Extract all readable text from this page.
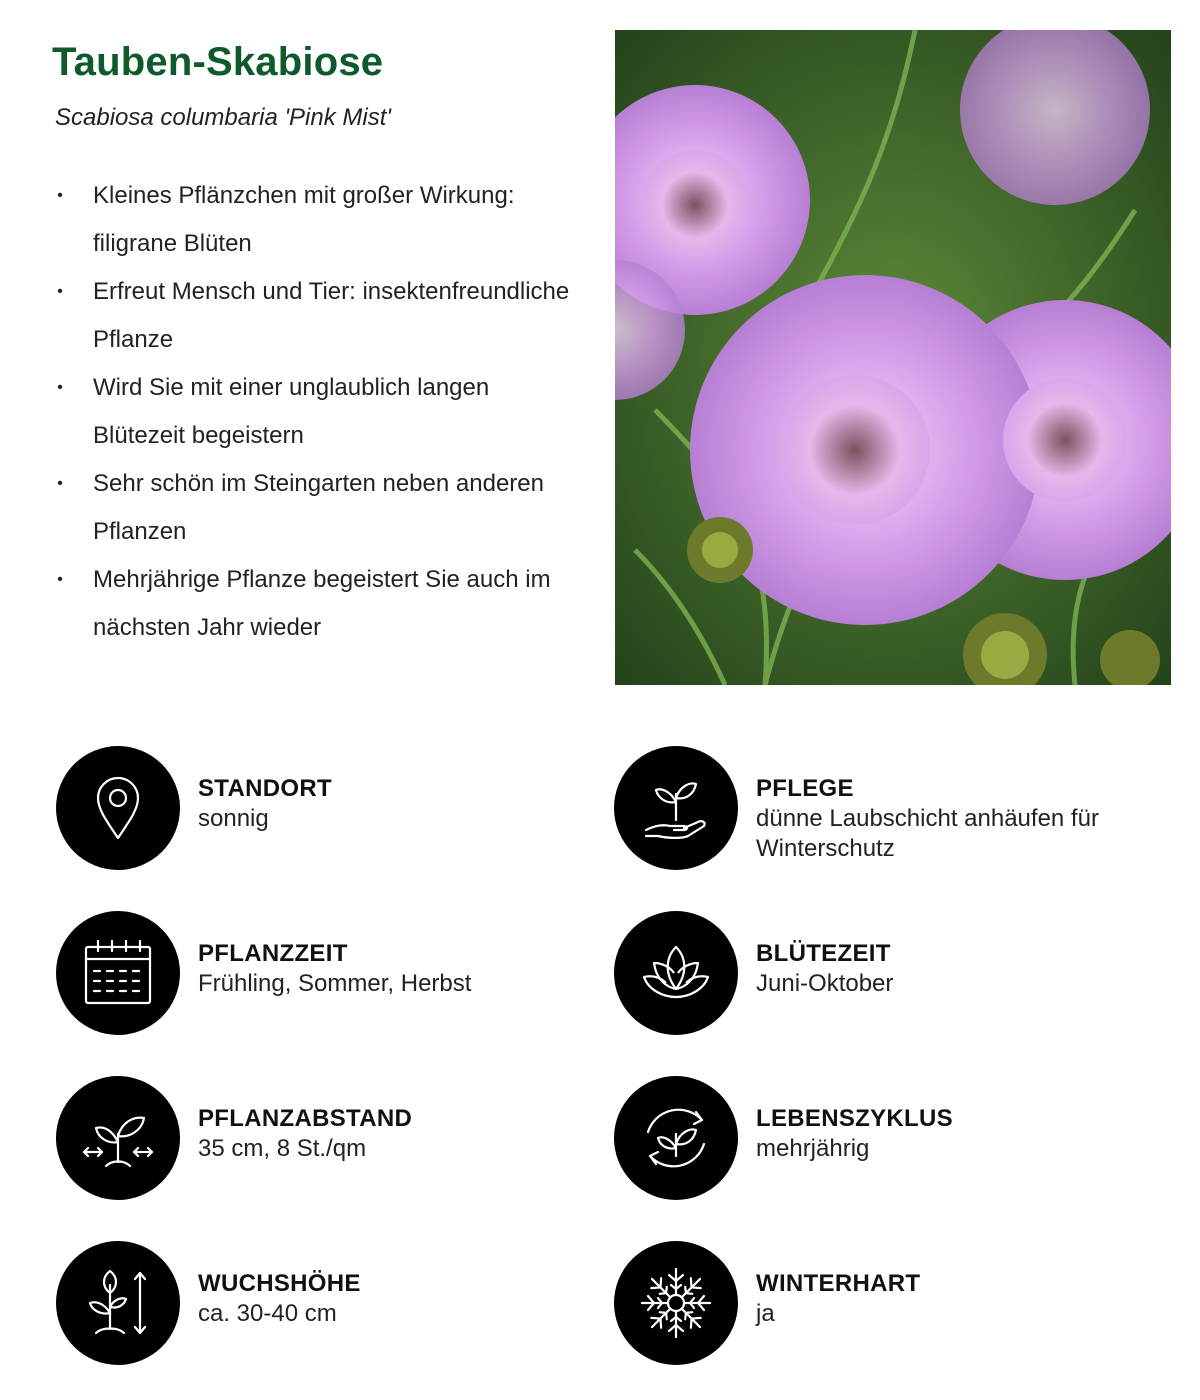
Tauben-Skabiose

Scabiosa columbaria 'Pink Mist'

• Kleines Pflänzchen mit großer Wirkung: filigrane Blüten
• Erfreut Mensch und Tier: insektenfreundliche Pflanze
• Wird Sie mit einer unglaublich langen Blütezeit begeistern
• Sehr schön im Steingarten neben anderen Pflanzen
• Mehrjährige Pflanze begeistert Sie auch im nächsten Jahr wieder
STANDORT
sonnig
PFLEGE
dünne Laubschicht anhäufen für Winterschutz
PFLANZZEIT
Frühling, Sommer, Herbst
BLÜTEZEIT
Juni-Oktober
PFLANZABSTAND
35 cm, 8 St./qm
LEBENSZYKLUS
mehrjährig
WUCHSHÖHE
ca. 30-40 cm
WINTERHART
ja
